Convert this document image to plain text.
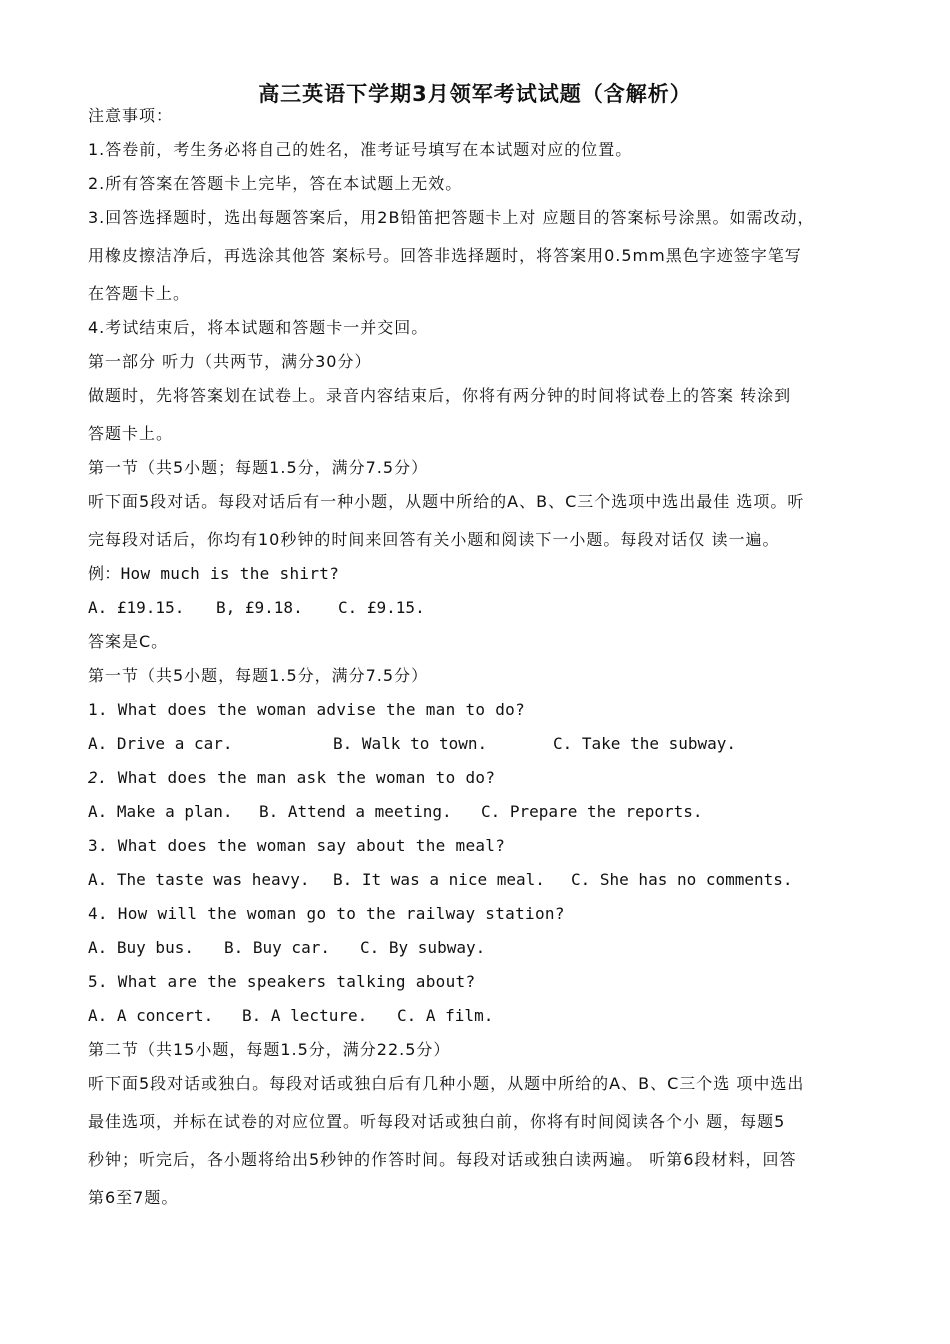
高三英语下学期3月领军考试试题（含解析）
注意事项：
1.答卷前，考生务必将自己的姓名，准考证号填写在本试题对应的位置。
2.所有答案在答题卡上完毕，答在本试题上无效。
3.回答选择题时，选出每题答案后，用2B铅笛把答题卡上对 应题目的答案标号涂黑。如需改动，
用橡皮擦洁净后，再选涂其他答 案标号。回答非选择题时，将答案用0.5mm黑色字迹签字笔写
在答题卡上。
4.考试结束后，将本试题和答题卡一并交回。
第一部分 听力（共两节，满分30分）
做题时，先将答案划在试卷上。录音内容结束后，你将有两分钟的时间将试卷上的答案 转涂到
答题卡上。
第一节（共5小题；每题1.5分，满分7.5分）
听下面5段对话。每段对话后有一种小题，从题中所给的A、B、C三个选项中选出最佳 选项。听
完每段对话后，你均有10秒钟的时间来回答有关小题和阅读下一小题。每段对话仅 读一遍。
例：How much is the shirt?
A. £19.15. B, £9.18. C. £9.15.
答案是C。
第一节（共5小题，每题1.5分，满分7.5分）
1. What does the woman advise the man to do?
A. Drive a car.	B. Walk to town.	C. Take the subway.
2. What does the man ask the woman to do?
A. Make a plan. B. Attend a meeting. C. Prepare the reports.
3. What does the woman say about the meal?
A. The taste was heavy. B. It was a nice meal. C. She has no comments.
4. How will the woman go to the railway station?
A. Buy bus. B. Buy car. C. By subway.
5. What are the speakers talking about?
A. A concert. B. A lecture. C. A film.
第二节（共15小题，每题1.5分，满分22.5分）
听下面5段对话或独白。每段对话或独白后有几种小题，从题中所给的A、B、C三个选 项中选出
最佳选项，并标在试卷的对应位置。听每段对话或独白前，你将有时间阅读各个小 题，每题5
秒钟；听完后，各小题将给出5秒钟的作答时间。每段对话或独白读两遍。 听第6段材料，回答
第6至7题。
